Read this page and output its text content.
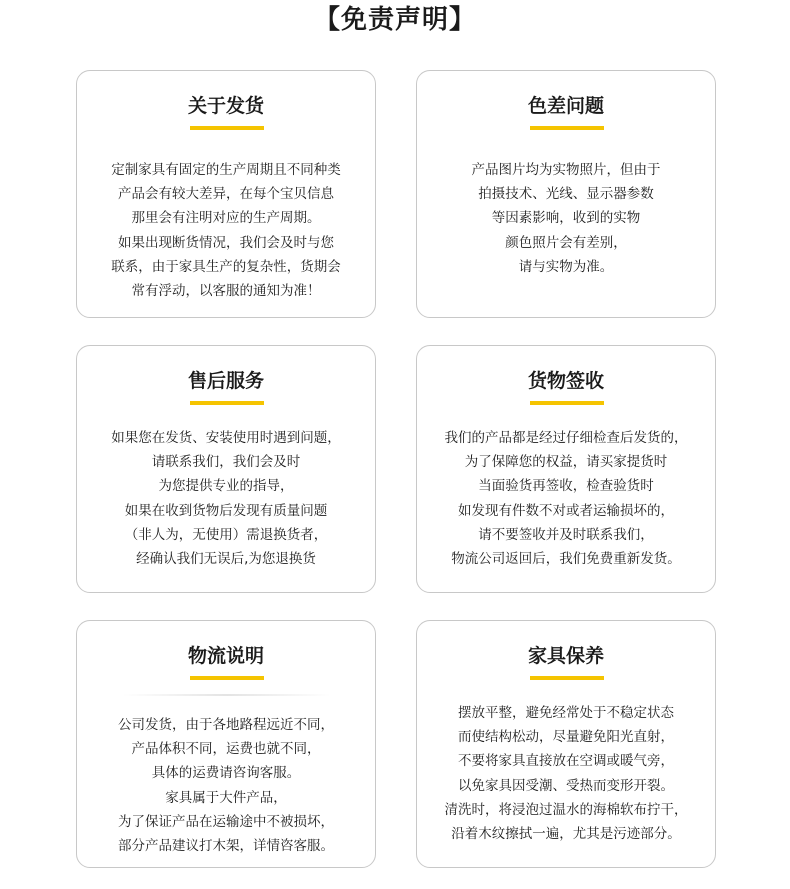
【免责声明】
关于发货
定制家具有固定的生产周期且不同种类
产品会有较大差异，在每个宝贝信息
那里会有注明对应的生产周期。
如果出现断货情况，我们会及时与您
联系，由于家具生产的复杂性，货期会
常有浮动，以客服的通知为准！
色差问题
产品图片均为实物照片，但由于
拍摄技术、光线、显示器参数
等因素影响，收到的实物
颜色照片会有差别，
请与实物为准。
售后服务
如果您在发货、安装使用时遇到问题，
请联系我们，我们会及时
为您提供专业的指导，
如果在收到货物后发现有质量问题
（非人为，无使用）需退换货者，
经确认我们无误后,为您退换货
货物签收
我们的产品都是经过仔细检查后发货的，
为了保障您的权益，请买家提货时
当面验货再签收，检查验货时
如发现有件数不对或者运输损坏的，
请不要签收并及时联系我们，
物流公司返回后，我们免费重新发货。
物流说明
公司发货，由于各地路程远近不同，
产品体积不同，运费也就不同，
具体的运费请咨询客服。
家具属于大件产品，
为了保证产品在运输途中不被损坏，
部分产品建议打木架，详情咨客服。
家具保养
摆放平整，避免经常处于不稳定状态
而使结构松动，尽量避免阳光直射，
不要将家具直接放在空调或暖气旁，
以免家具因受潮、受热而变形开裂。
清洗时，将浸泡过温水的海棉软布拧干，
沿着木纹擦拭一遍，尤其是污迹部分。
